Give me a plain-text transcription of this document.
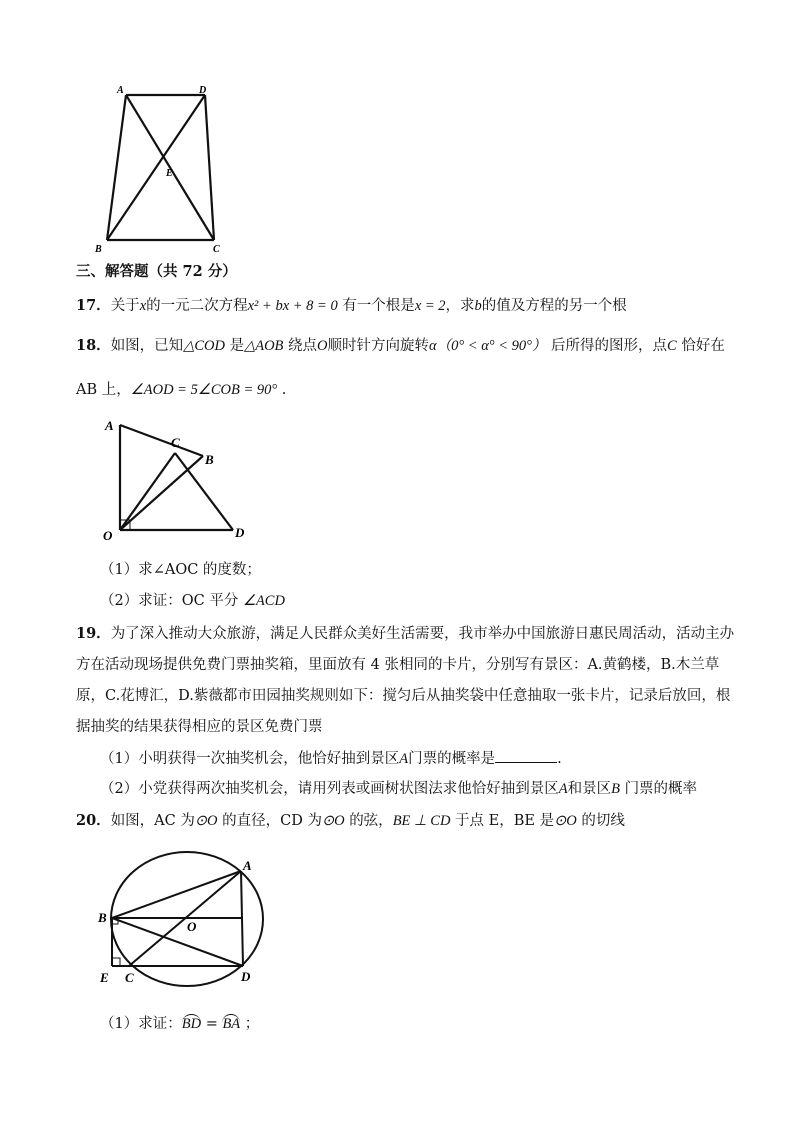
A	D
E
B	C
三、解答题（共 72 分）
17．关于x的一元二次方程x² + bx + 8 = 0 有一个根是x = 2，求b的值及方程的另一个根
18．如图，已知△COD 是△AOB 绕点O顺时针方向旋转α（0° < α° < 90°） 后所得的图形，点C 恰好在
AB 上，∠AOD = 5∠COB = 90° .
A
C
B
O	D
（1）求∠AOC 的度数；
（2）求证：OC 平分 ∠ACD
19．为了深入推动大众旅游，满足人民群众美好生活需要，我市举办中国旅游日惠民周活动，活动主办
方在活动现场提供免费门票抽奖箱，里面放有 4 张相同的卡片，分别写有景区：A.黄鹤楼，B.木兰草
原，C.花博汇，D.紫薇都市田园抽奖规则如下：搅匀后从抽奖袋中任意抽取一张卡片，记录后放回，根
据抽奖的结果获得相应的景区免费门票
（1）小明获得一次抽奖机会，他恰好抽到景区A门票的概率是	.
（2）小党获得两次抽奖机会，请用列表或画树状图法求他恰好抽到景区A和景区B 门票的概率
20．如图，AC 为⊙O 的直径，CD 为⊙O 的弦，BE ⊥ CD 于点 E，BE 是⊙O 的切线
A
B
O
E C	D
（1）求证：BD = BA ；
